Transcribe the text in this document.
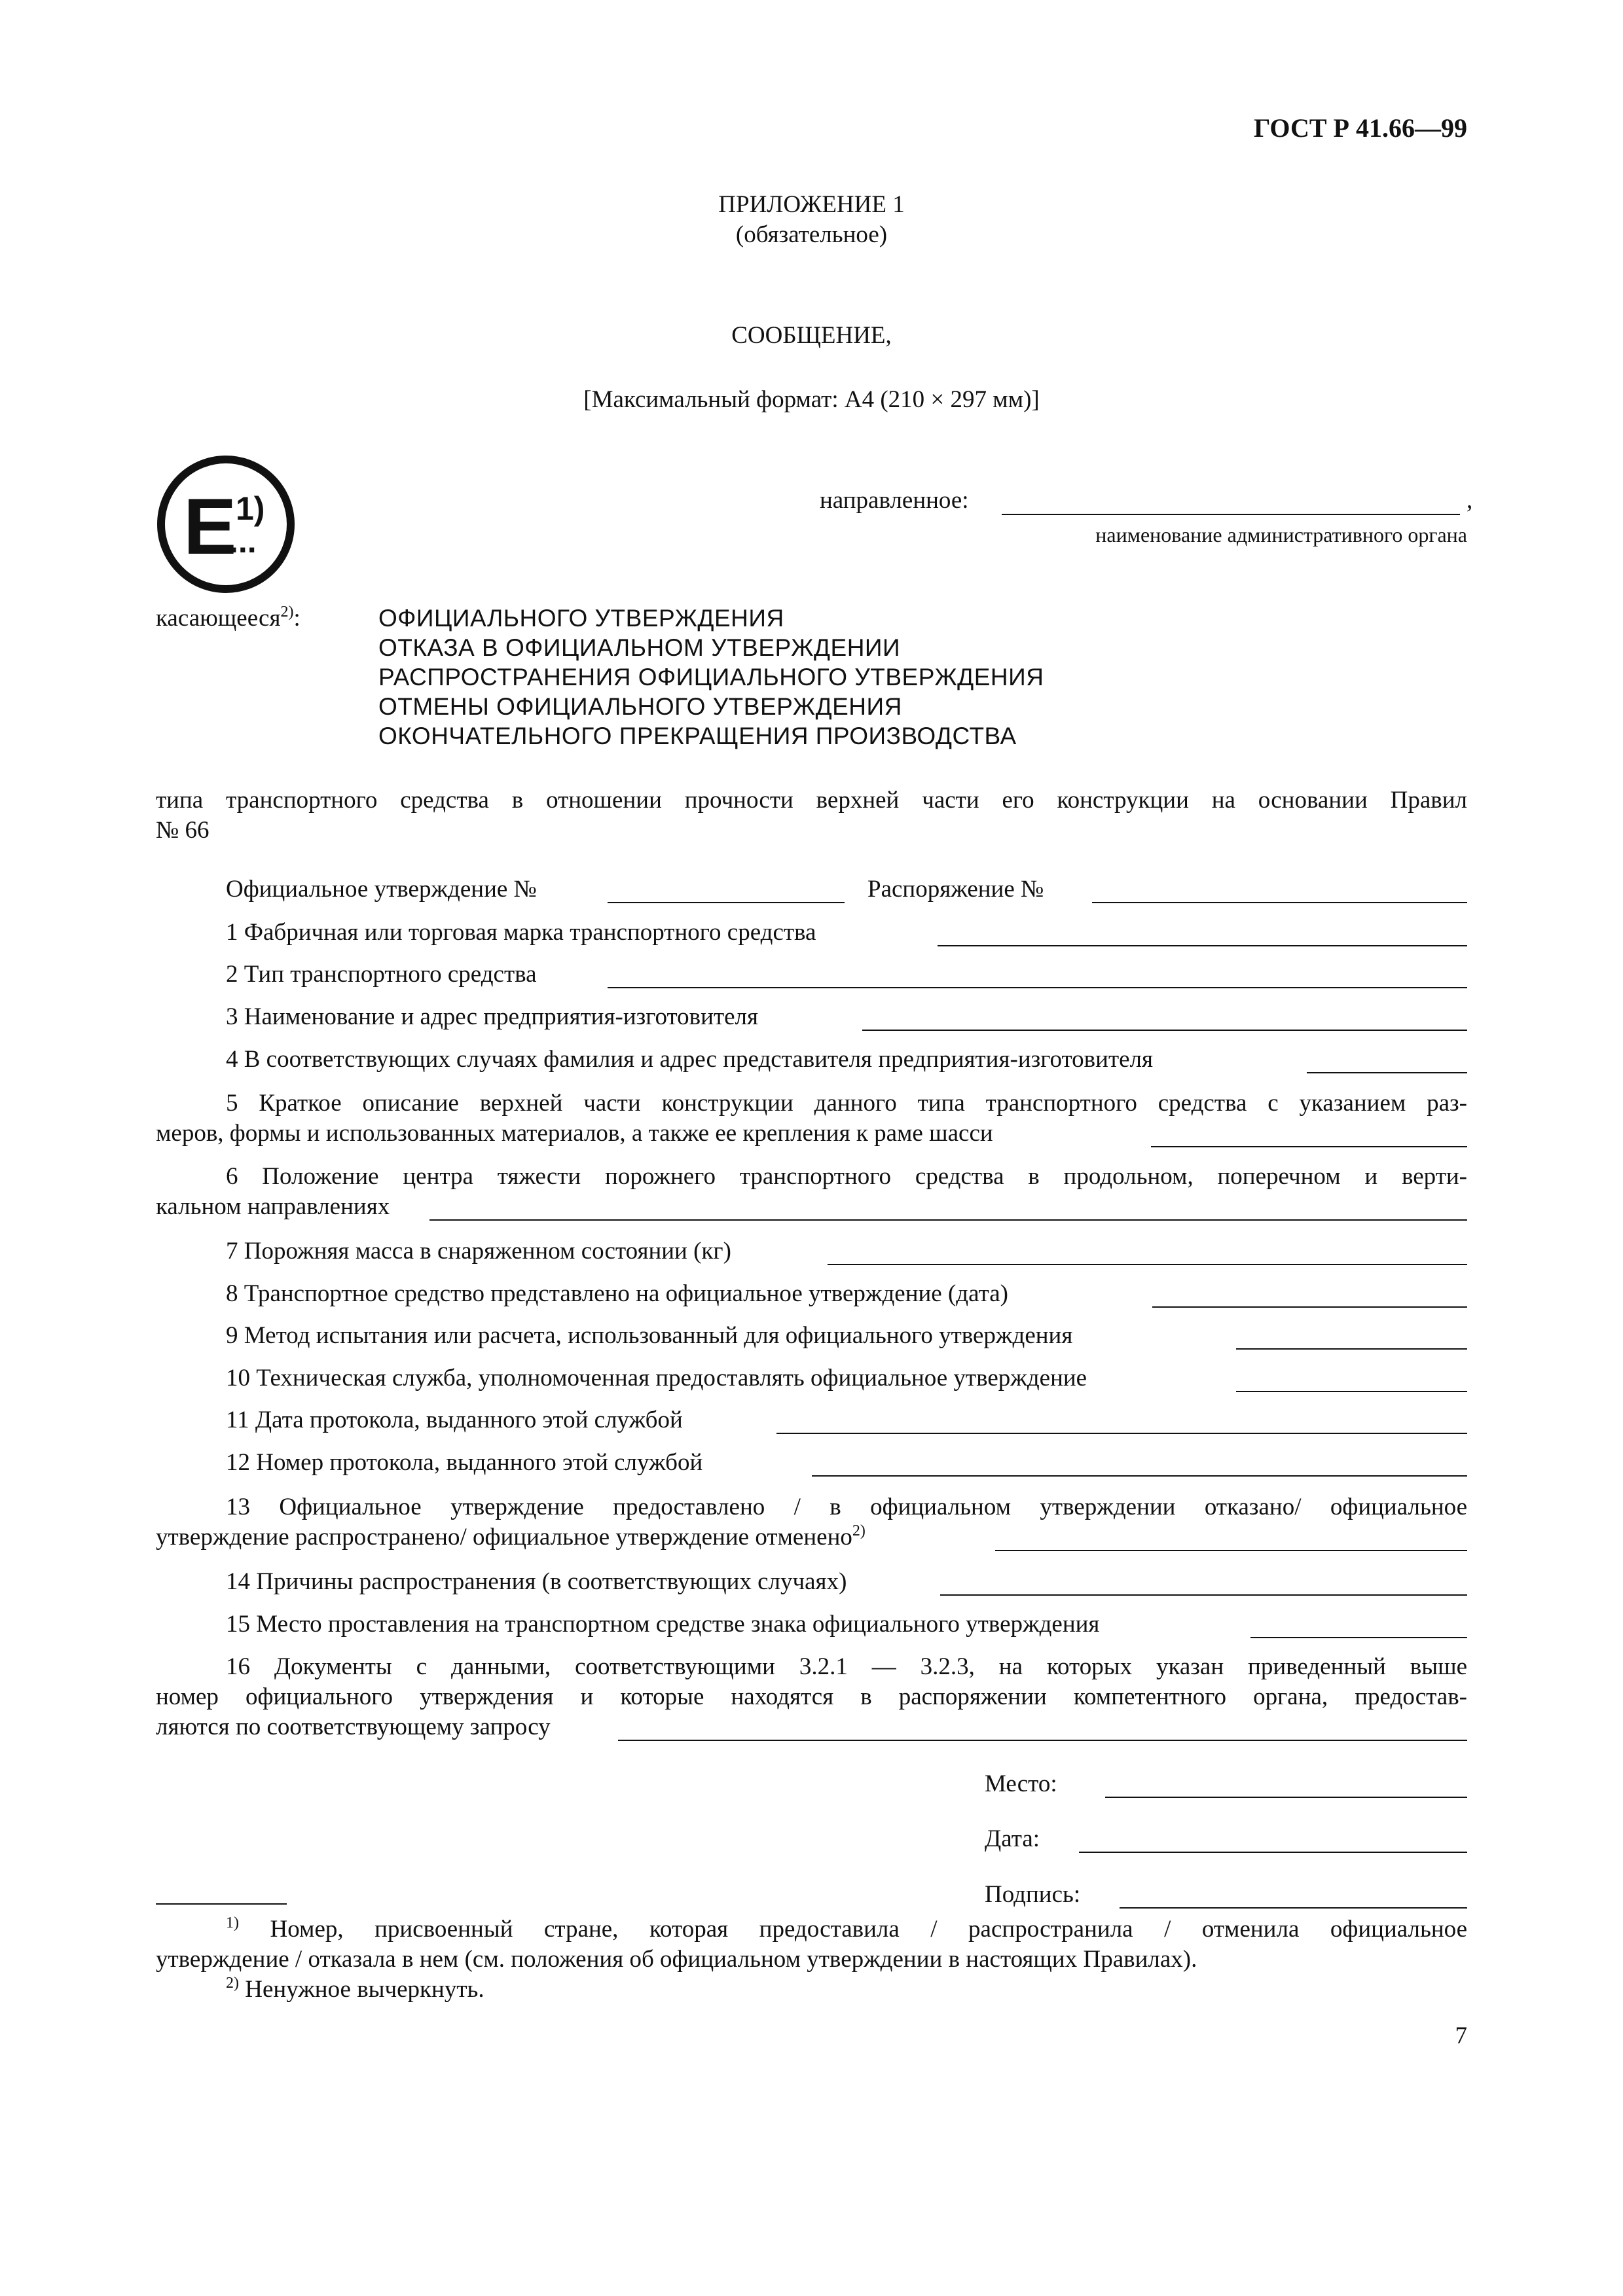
ГОСТ Р 41.66—99
ПРИЛОЖЕНИЕ 1
(обязательное)
СООБЩЕНИЕ,
[Максимальный формат: А4 (210 × 297 мм)]
E
1)
...
направленное:	,
наименование административного органа
касающееся$^{2)}$:	ОФИЦИАЛЬНОГО УТВЕРЖДЕНИЯ
ОТКАЗА В ОФИЦИАЛЬНОМ УТВЕРЖДЕНИИ
РАСПРОСТРАНЕНИЯ ОФИЦИАЛЬНОГО УТВЕРЖДЕНИЯ
ОТМЕНЫ ОФИЦИАЛЬНОГО УТВЕРЖДЕНИЯ
ОКОНЧАТЕЛЬНОГО ПРЕКРАЩЕНИЯ ПРОИЗВОДСТВА
типа транспортного средства в отношении прочности верхней части его конструкции на основании Правил
№ 66
Официальное утверждение №	Распоряжение №
1 Фабричная или торговая марка транспортного средства
2 Тип транспортного средства
3 Наименование и адрес предприятия-изготовителя
4 В соответствующих случаях фамилия и адрес представителя предприятия-изготовителя
5 Краткое описание верхней части конструкции данного типа транспортного средства с указанием раз-
меров, формы и использованных материалов, а также ее крепления к раме шасси
6 Положение центра тяжести порожнего транспортного средства в продольном, поперечном и верти-
кальном направлениях
7 Порожняя масса в снаряженном состоянии (кг)
8 Транспортное средство представлено на официальное утверждение (дата)
9 Метод испытания или расчета, использованный для официального утверждения
10 Техническая служба, уполномоченная предоставлять официальное утверждение
11 Дата протокола, выданного этой службой
12 Номер протокола, выданного этой службой
13 Официальное утверждение предоставлено / в официальном утверждении отказано/ официальное
утверждение распространено/ официальное утверждение отменено$^{2)}$
14 Причины распространения (в соответствующих случаях)
15 Место проставления на транспортном средстве знака официального утверждения
16 Документы с данными, соответствующими 3.2.1 — 3.2.3, на которых указан приведенный выше
номер официального утверждения и которые находятся в распоряжении компетентного органа, предостав-
ляются по соответствующему запросу
Место:
Дата:
Подпись:
$^{1)}$ Номер, присвоенный стране, которая предоставила / распространила / отменила официальное
утверждение / отказала в нем (см. положения об официальном утверждении в настоящих Правилах).
$^{2)}$ Ненужное вычеркнуть.
7
